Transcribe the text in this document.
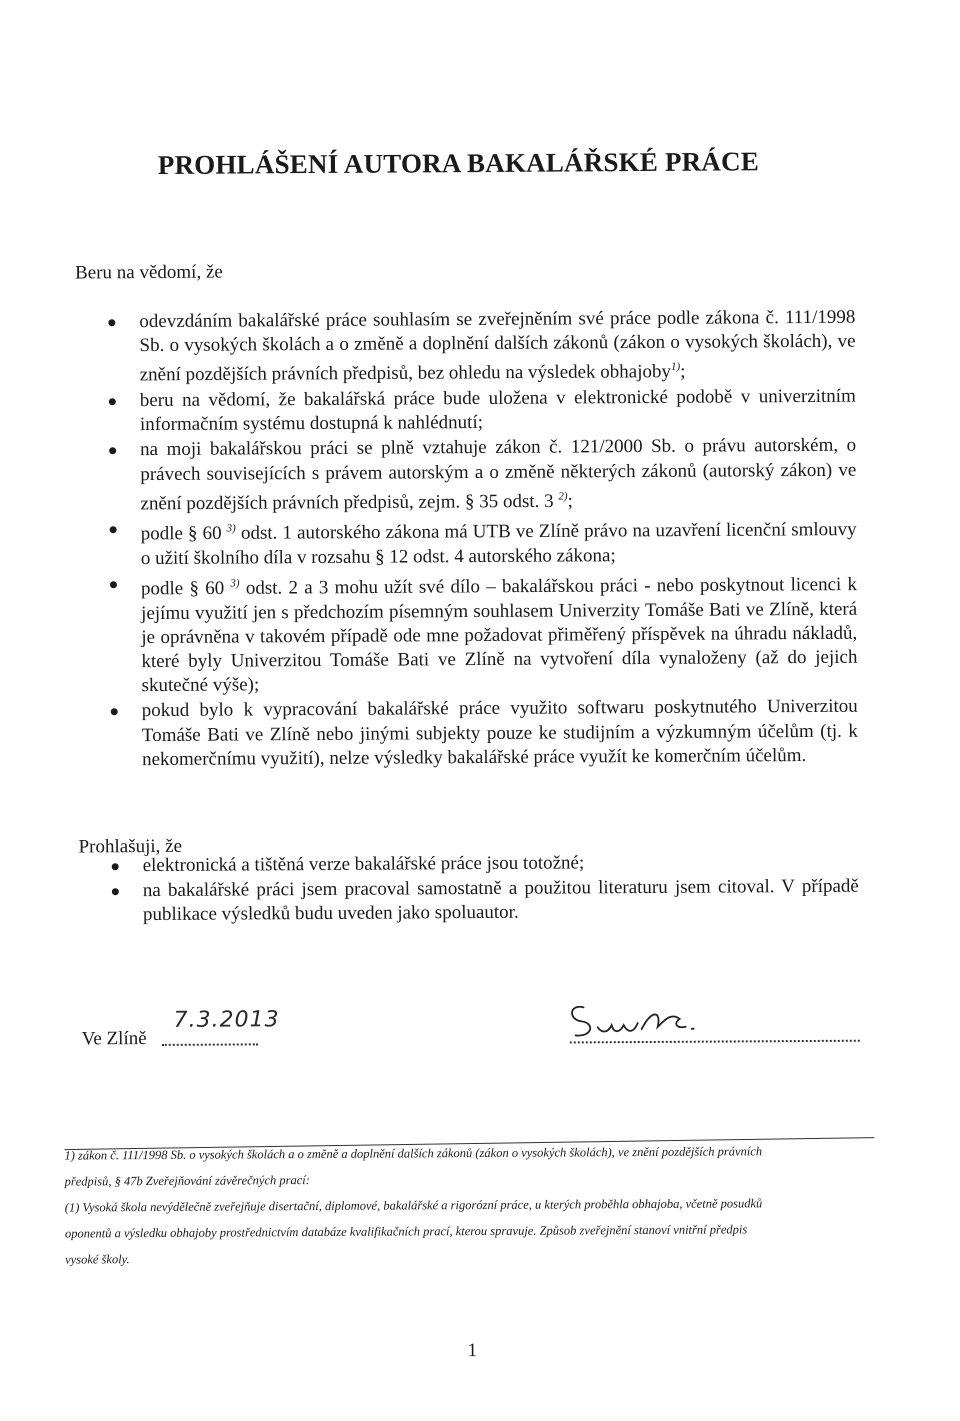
PROHLÁŠENÍ AUTORA BAKALÁŘSKÉ PRÁCE
Beru na vědomí, že
odevzdáním bakalářské práce souhlasím se zveřejněním své práce podle zákona č. 111/1998 Sb. o vysokých školách a o změně a doplnění dalších zákonů (zákon o vysokých školách), ve znění pozdějších právních předpisů, bez ohledu na výsledek obhajoby$^{1)}$;
beru na vědomí, že bakalářská práce bude uložena v elektronické podobě v univerzitním informačním systému dostupná k nahlédnutí;
na moji bakalářskou práci se plně vztahuje zákon č. 121/2000 Sb. o právu autorském, o právech souvisejících s právem autorským a o změně některých zákonů (autorský zákon) ve znění pozdějších právních předpisů, zejm. § 35 odst. 3 $^{2)}$;
podle § 60 $^{3)}$ odst. 1 autorského zákona má UTB ve Zlíně právo na uzavření licenční smlouvy o užití školního díla v rozsahu § 12 odst. 4 autorského zákona;
podle § 60 $^{3)}$ odst. 2 a 3 mohu užít své dílo – bakalářskou práci - nebo poskytnout licenci k jejímu využití jen s předchozím písemným souhlasem Univerzity Tomáše Bati ve Zlíně, která je oprávněna v takovém případě ode mne požadovat přiměřený příspěvek na úhradu nákladů, které byly Univerzitou Tomáše Bati ve Zlíně na vytvoření díla vynaloženy (až do jejich skutečné výše);
pokud bylo k vypracování bakalářské práce využito softwaru poskytnutého Univerzitou Tomáše Bati ve Zlíně nebo jinými subjekty pouze ke studijním a výzkumným účelům (tj. k nekomerčnímu využití), nelze výsledky bakalářské práce využít ke komerčním účelům.
Prohlašuji, že
elektronická a tištěná verze bakalářské práce jsou totožné;
na bakalářské práci jsem pracoval samostatně a použitou literaturu jsem citoval. V případě publikace výsledků budu uveden jako spoluautor.
Ve Zlíně
7.3.2013

1) zákon č. 111/1998 Sb. o vysokých školách a o změně a doplnění dalších zákonů (zákon o vysokých školách), ve znění pozdějších právních

předpisů, § 47b Zveřejňování závěrečných prací:

(1) Vysoká škola nevýdělečně zveřejňuje disertační, diplomové, bakalářské a rigorózní práce, u kterých proběhla obhajoba, včetně posudků

oponentů a výsledku obhajoby prostřednictvím databáze kvalifikačních prací, kterou spravuje. Způsob zveřejnění stanoví vnitřní předpis

vysoké školy.

1
